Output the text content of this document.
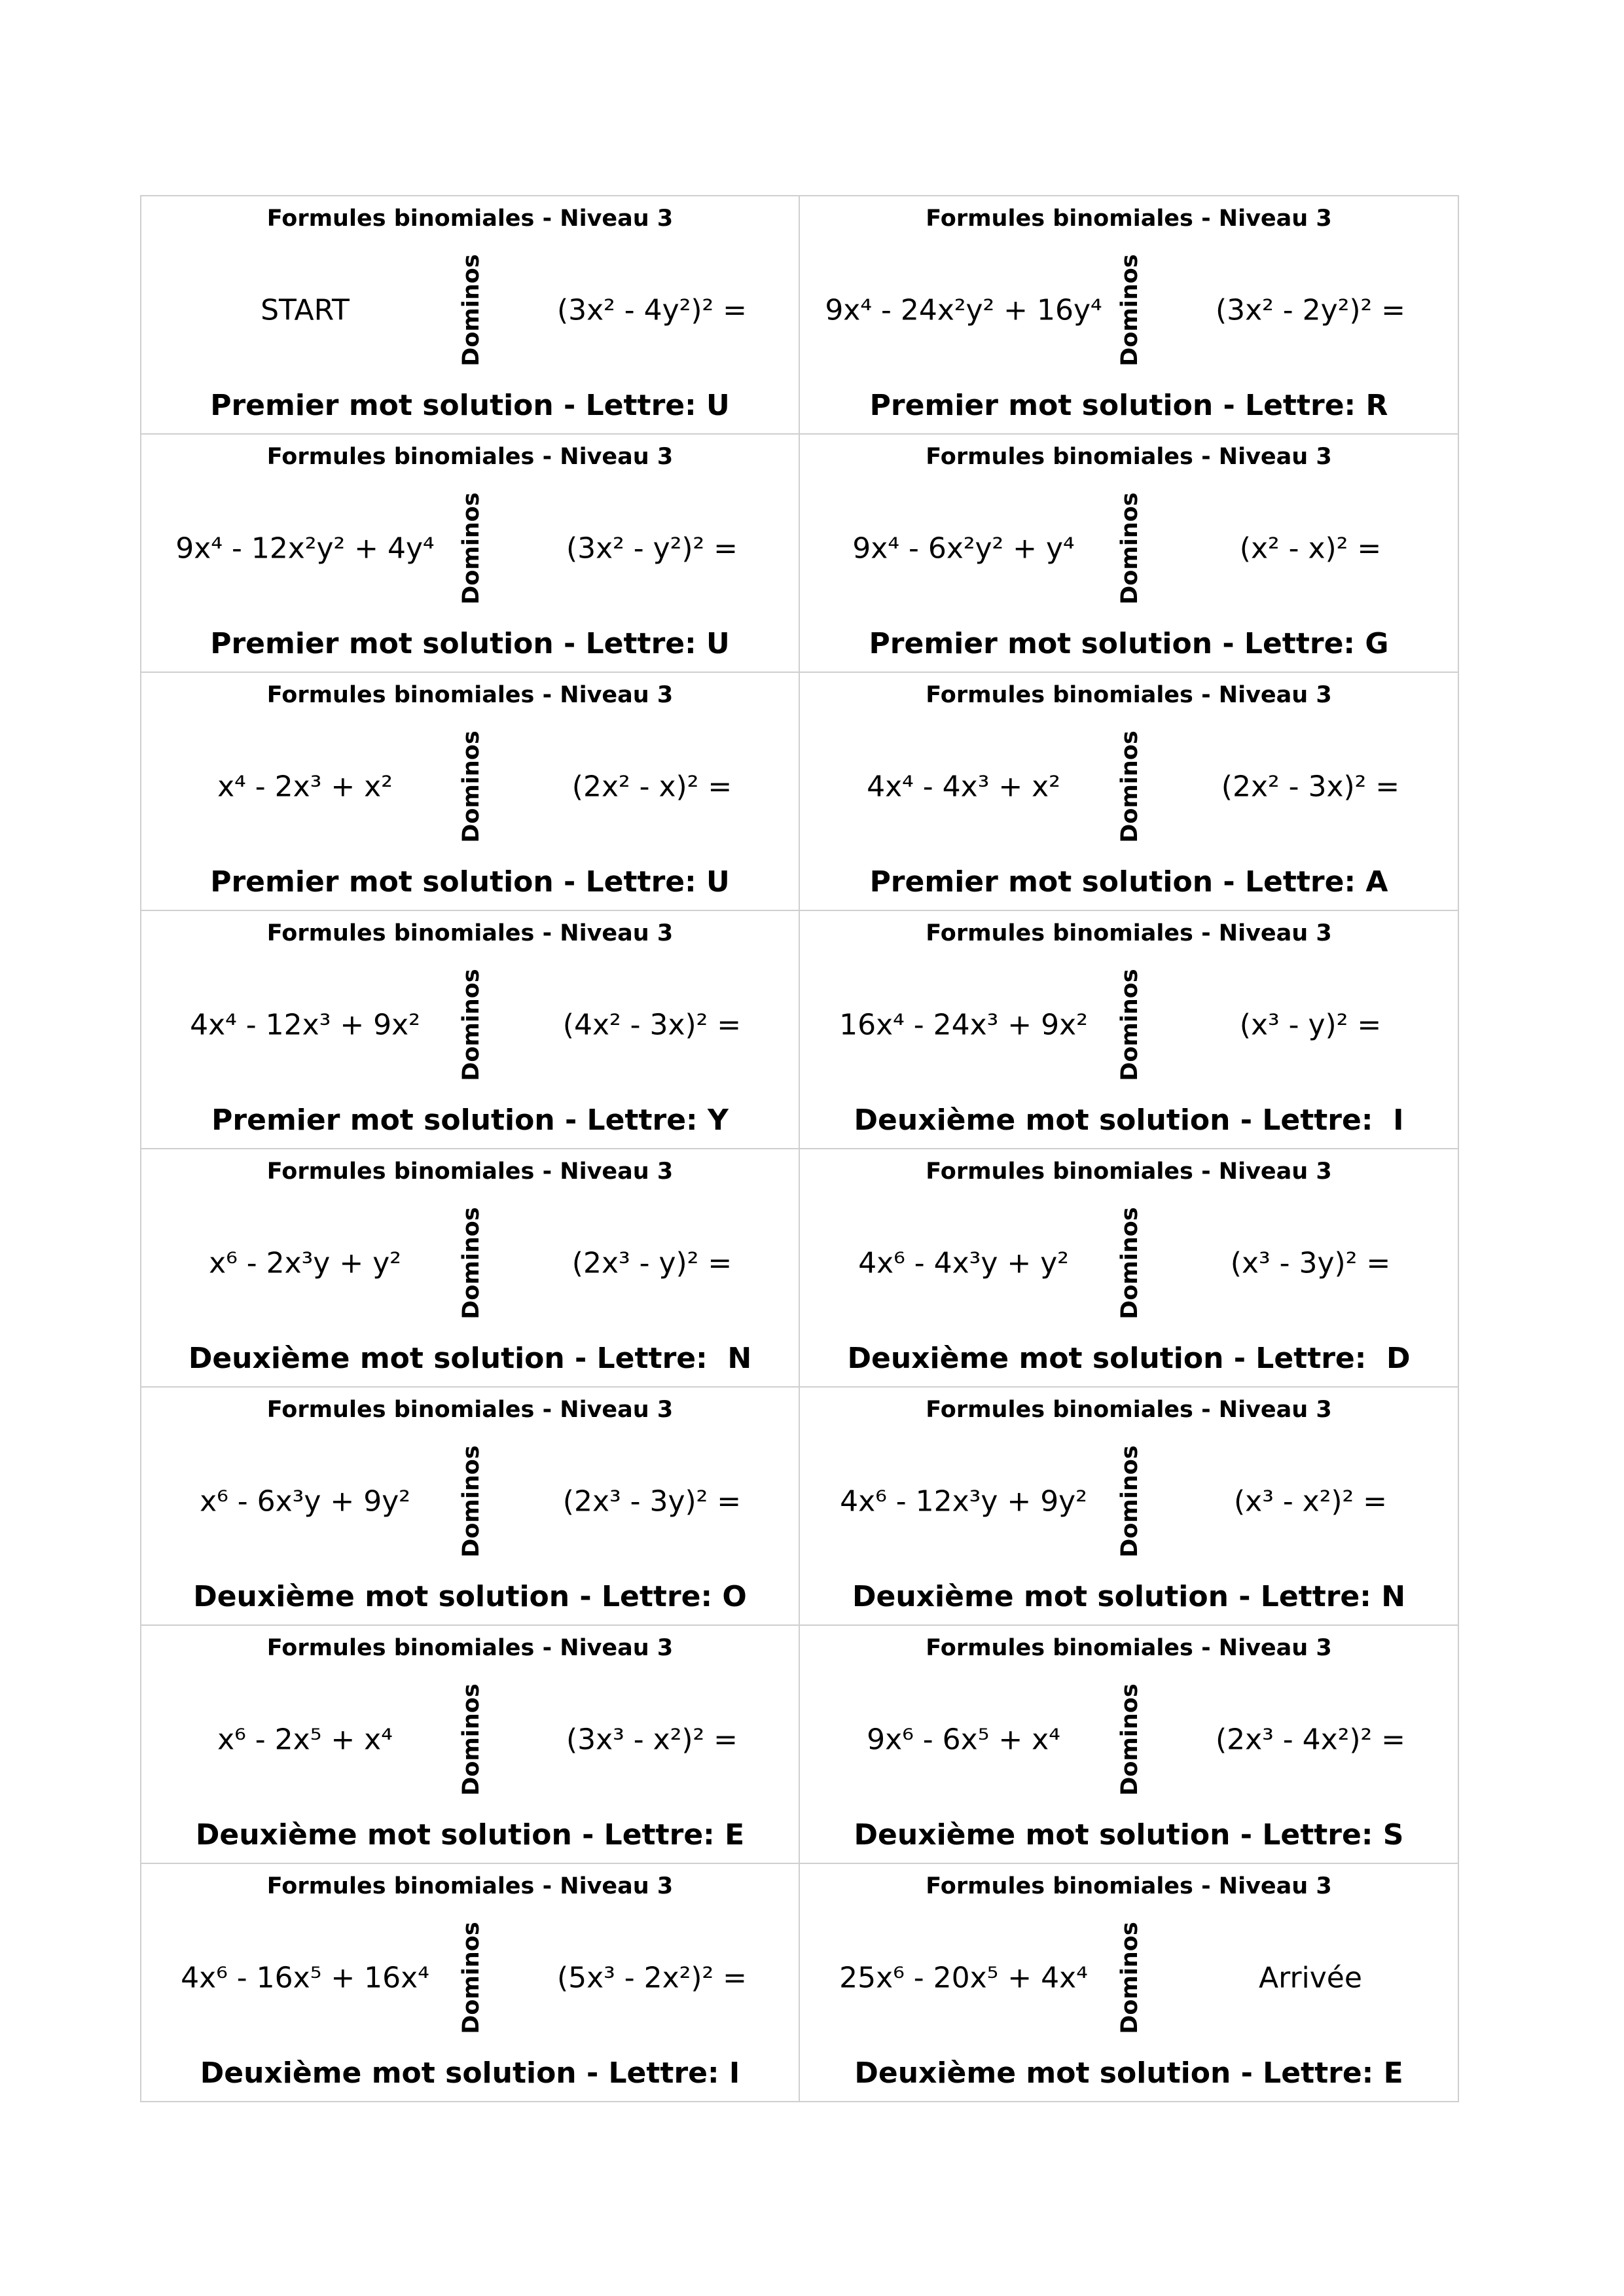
Formules binomiales - Niveau 3
START	Dominos	(3x² - 4y²)² =
Premier mot solution - Lettre: U
Formules binomiales - Niveau 3
9x⁴ - 24x²y² + 16y⁴ Dominos	(3x² - 2y²)² =
Premier mot solution - Lettre: R
Formules binomiales - Niveau 3
9x⁴ - 12x²y² + 4y⁴	Dominos	(3x² - y²)² =
Premier mot solution - Lettre: U
Formules binomiales - Niveau 3
9x⁴ - 6x²y² + y⁴	Dominos	(x² - x)² =
Premier mot solution - Lettre: G
Formules binomiales - Niveau 3
x⁴ - 2x³ + x²	Dominos	(2x² - x)² =
Premier mot solution - Lettre: U
Formules binomiales - Niveau 3
4x⁴ - 4x³ + x²	Dominos	(2x² - 3x)² =
Premier mot solution - Lettre: A
Formules binomiales - Niveau 3
4x⁴ - 12x³ + 9x²	Dominos	(4x² - 3x)² =
Premier mot solution - Lettre: Y
Formules binomiales - Niveau 3
16x⁴ - 24x³ + 9x²	Dominos	(x³ - y)² =
Deuxième mot solution - Lettre:  I
Formules binomiales - Niveau 3
x⁶ - 2x³y + y²	Dominos	(2x³ - y)² =
Deuxième mot solution - Lettre:  N
Formules binomiales - Niveau 3
4x⁶ - 4x³y + y²	Dominos	(x³ - 3y)² =
Deuxième mot solution - Lettre:  D
Formules binomiales - Niveau 3
x⁶ - 6x³y + 9y²	Dominos	(2x³ - 3y)² =
Deuxième mot solution - Lettre: O
Formules binomiales - Niveau 3
4x⁶ - 12x³y + 9y²	Dominos	(x³ - x²)² =
Deuxième mot solution - Lettre: N
Formules binomiales - Niveau 3
x⁶ - 2x⁵ + x⁴	Dominos	(3x³ - x²)² =
Deuxième mot solution - Lettre: E
Formules binomiales - Niveau 3
9x⁶ - 6x⁵ + x⁴	Dominos	(2x³ - 4x²)² =
Deuxième mot solution - Lettre: S
Formules binomiales - Niveau 3
4x⁶ - 16x⁵ + 16x⁴	Dominos	(5x³ - 2x²)² =
Deuxième mot solution - Lettre: I
Formules binomiales - Niveau 3
25x⁶ - 20x⁵ + 4x⁴	Dominos	Arrivée
Deuxième mot solution - Lettre: E
